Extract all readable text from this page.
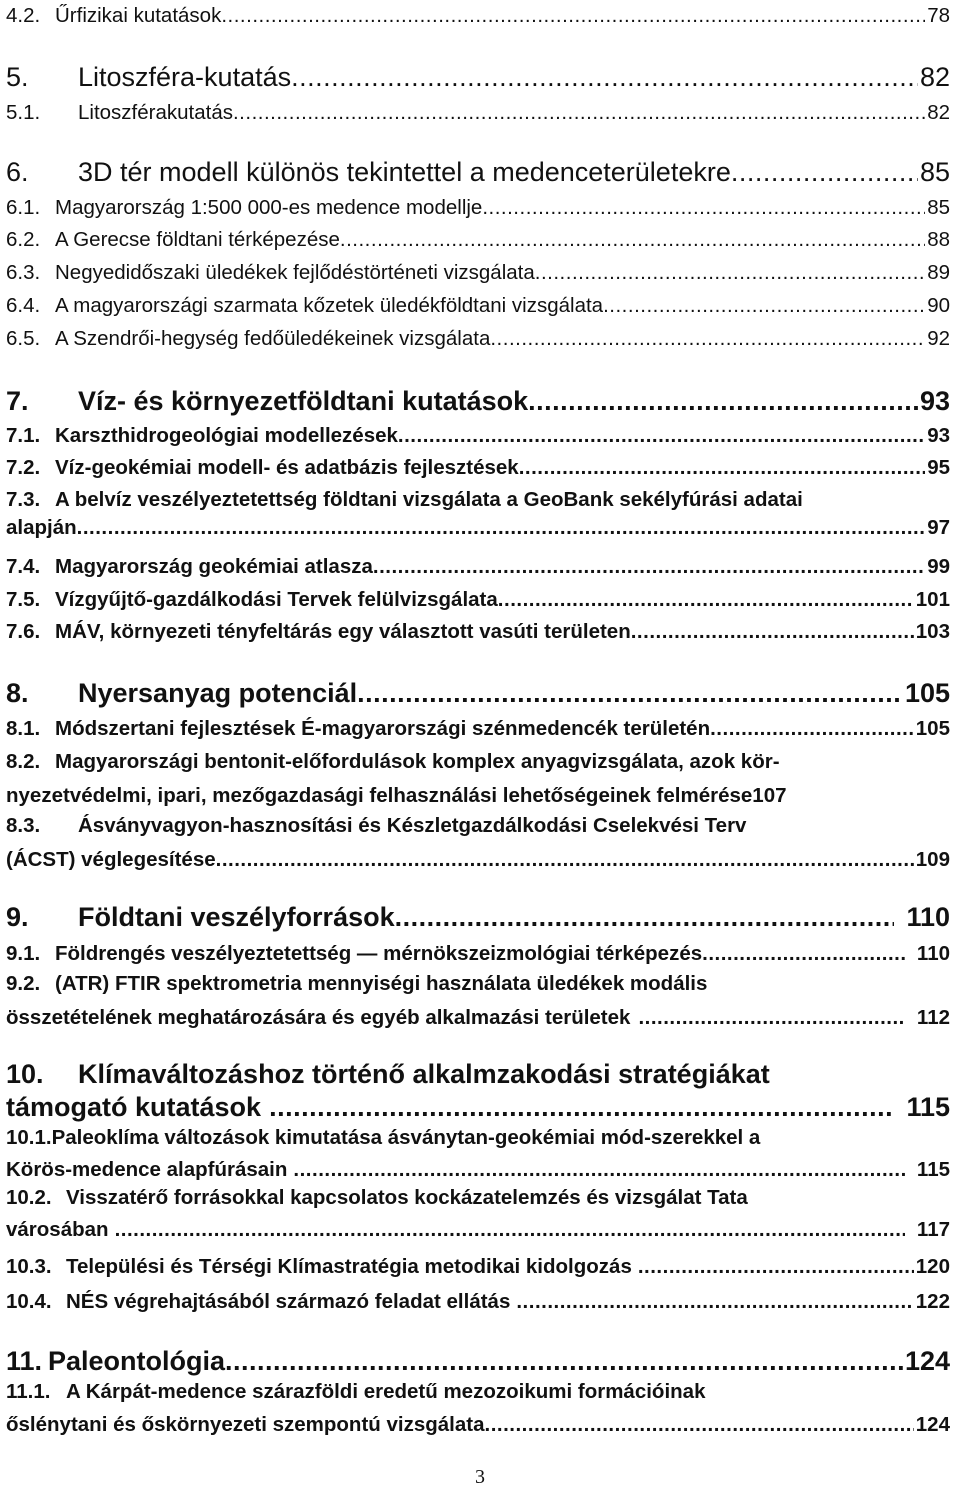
4.2. Űrfizikai kutatások .....	78
5.	Litoszféra-kutatás .....	82
5.1.	Litoszférakutatás .....	82
6.	3D tér modell különös tekintettel a medenceterületekre .....	85
6.1. Magyarország 1:500 000-es medence modellje .....	85
6.2. A Gerecse földtani térképezése .....	88
6.3. Negyedidőszaki üledékek fejlődéstörténeti vizsgálata .....	89
6.4. A magyarországi szarmata kőzetek üledékföldtani vizsgálata .....	90
6.5. A Szendrői-hegység fedőüledékeinek vizsgálata .....	92
7.	Víz- és környezetföldtani kutatások .....	93
7.1. Karszthidrogeológiai modellezések .....	93
7.2. Víz-geokémiai modell- és adatbázis fejlesztések .....	95
7.3. A belvíz veszélyeztetettség földtani vizsgálata a GeoBank sekélyfúrási adatai
alapján .....	97
7.4. Magyarország geokémiai atlasza .....	99
7.5. Vízgyűjtő-gazdálkodási Tervek felülvizsgálata .....	101
7.6. MÁV, környezeti tényfeltárás egy választott vasúti területen .....	103
8.	Nyersanyag potenciál .....	105
8.1. Módszertani fejlesztések É-magyarországi szénmedencék területén .....	105
8.2. Magyarországi bentonit-előfordulások komplex anyagvizsgálata, azok kör-
nyezetvédelmi, ipari, mezőgazdasági felhasználási lehetőségeinek felmérése 107
8.3. Ásványvagyon-hasznosítási és Készletgazdálkodási Cselekvési Terv
(ÁCST) véglegesítése .....	109
9.	Földtani veszélyforrások .....	110
9.1. Földrengés veszélyeztetettség — mérnökszeizmológiai térképezés .....	110
9.2. (ATR) FTIR spektrometria mennyiségi használata üledékek modális
összetételének meghatározására és egyéb alkalmazási területek .....	112
10. Klímaváltozáshoz történő alkalmzakodási stratégiákat
támogató kutatások .....	115
10.1.Paleoklíma változások kimutatása ásványtan-geokémiai mód-szerekkel a
Körös-medence alapfúrásain .....	115
10.2. Visszatérő forrásokkal kapcsolatos kockázatelemzés és vizsgálat Tata
városában .....	117
10.3. Települési és Térségi Klímastratégia metodikai kidolgozás .....	120
10.4. NÉS végrehajtásából származó feladat ellátás .....	122
11. Paleontológia .....	124
11.1. A Kárpát-medence szárazföldi eredetű mezozoikumi formációinak
őslénytani és őskörnyezeti szempontú vizsgálata .....	124
3
